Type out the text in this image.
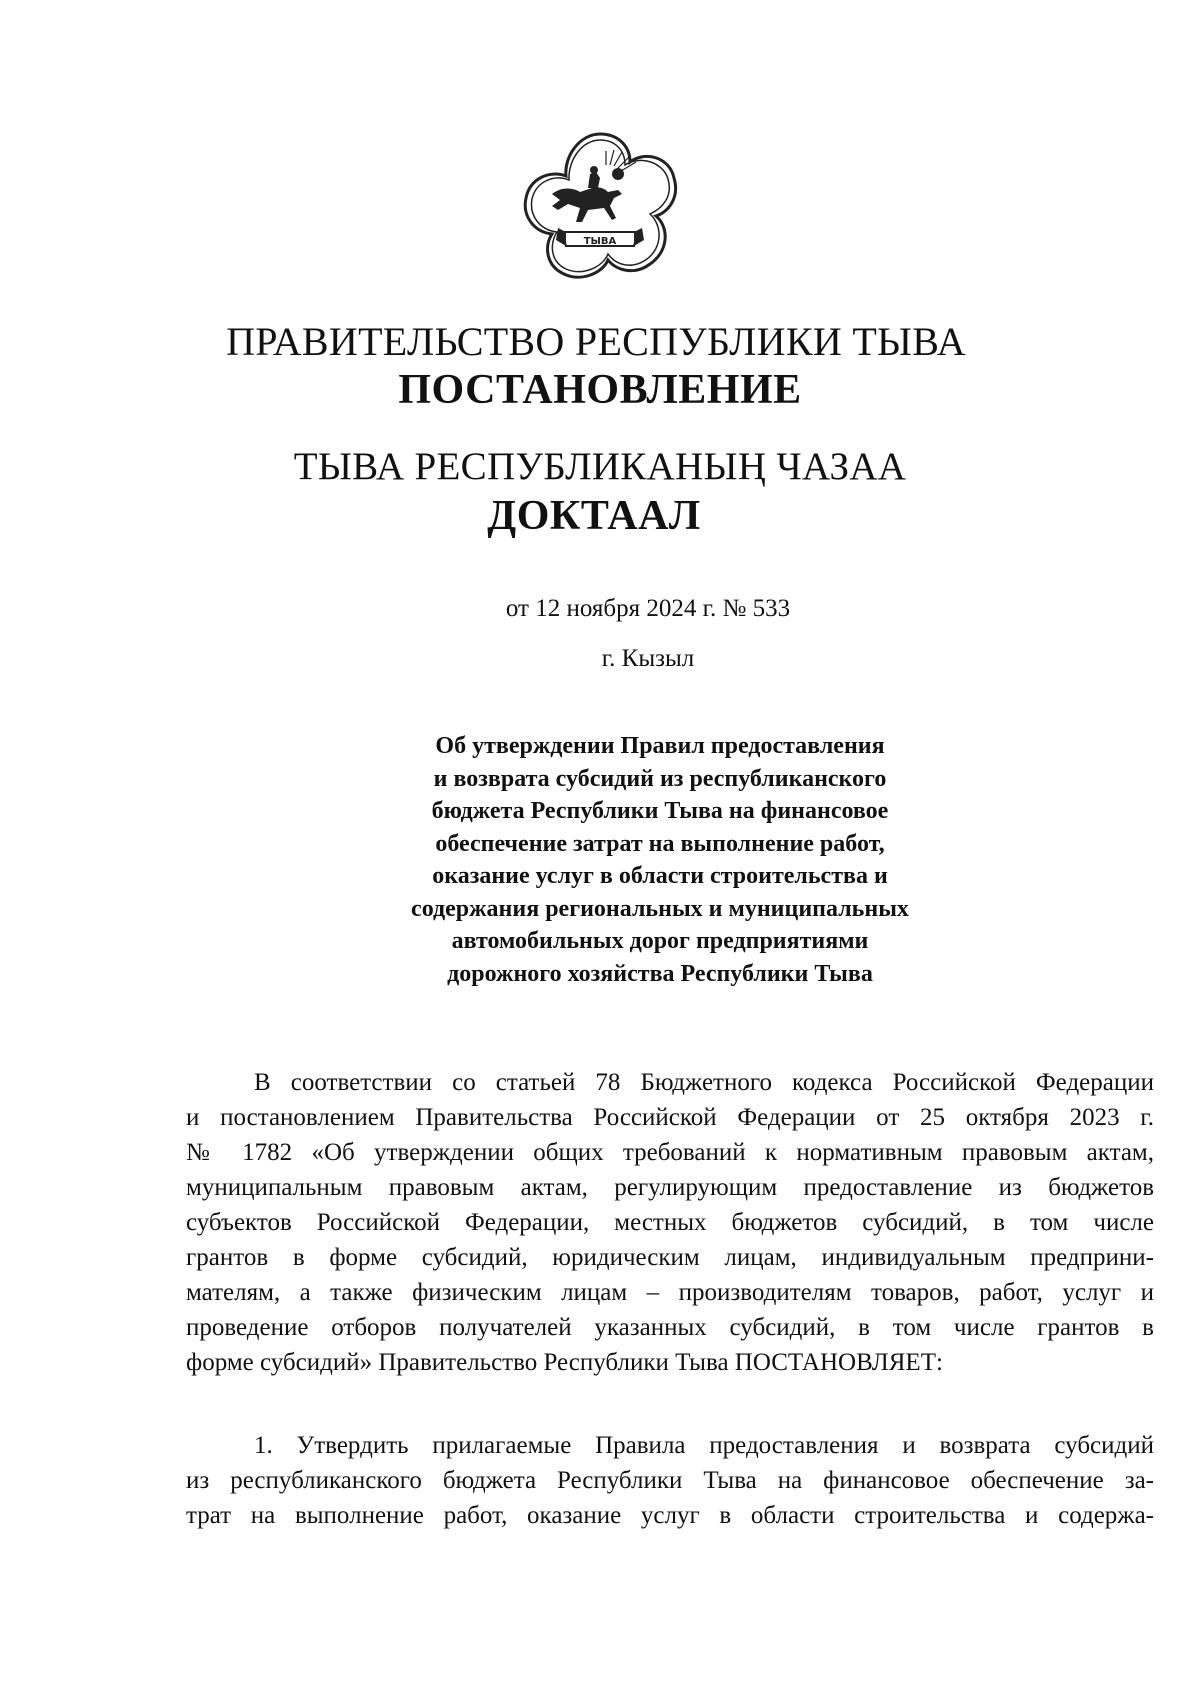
ТЫВА
ПРАВИТЕЛЬСТВО РЕСПУБЛИКИ ТЫВА
ПОСТАНОВЛЕНИЕ
ТЫВА РЕСПУБЛИКАНЫҢ ЧАЗАА
ДОКТААЛ
от 12 ноября 2024 г. № 533
г. Кызыл
Об утверждении Правил предоставления
и возврата субсидий из республиканского
бюджета Республики Тыва на финансовое
обеспечение затрат на выполнение работ,
оказание услуг в области строительства и
содержания региональных и муниципальных
автомобильных дорог предприятиями
дорожного хозяйства Республики Тыва
В соответствии со статьей 78 Бюджетного кодекса Российской Федерации
и постановлением Правительства Российской Федерации от 25 октября 2023 г.
№ 1782 «Об утверждении общих требований к нормативным правовым актам,
муниципальным правовым актам, регулирующим предоставление из бюджетов
субъектов Российской Федерации, местных бюджетов субсидий, в том числе
грантов в форме субсидий, юридическим лицам, индивидуальным предприни-
мателям, а также физическим лицам – производителям товаров, работ, услуг и
проведение отборов получателей указанных субсидий, в том числе грантов в
форме субсидий» Правительство Республики Тыва ПОСТАНОВЛЯЕТ:
1. Утвердить прилагаемые Правила предоставления и возврата субсидий
из республиканского бюджета Республики Тыва на финансовое обеспечение за-
трат на выполнение работ, оказание услуг в области строительства и содержа-
